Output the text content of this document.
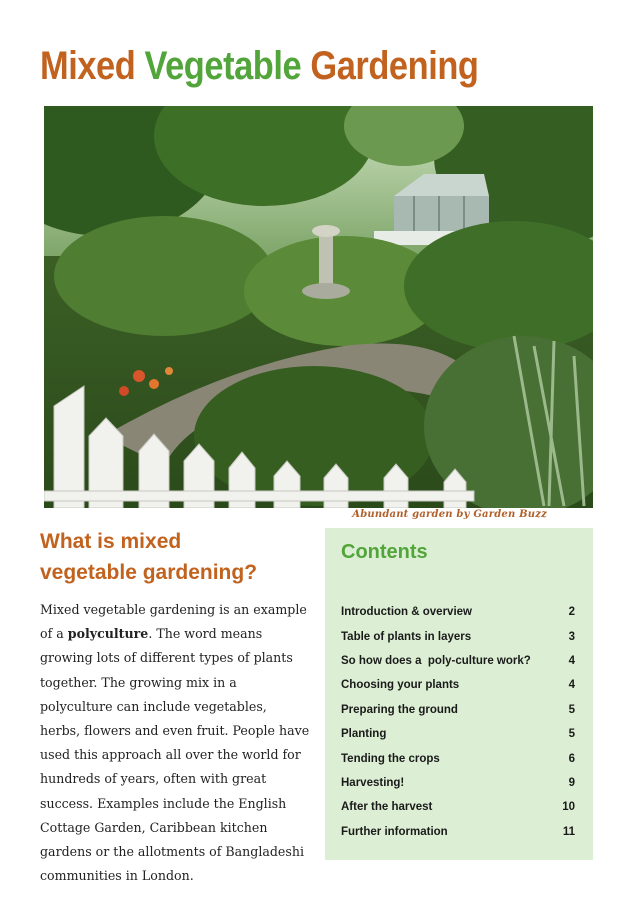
Mixed Vegetable Gardening
Abundant garden by Garden Buzz
What is mixed
vegetable gardening?

Mixed vegetable gardening is an example of a polyculture. The word means growing lots of different types of plants together. The growing mix in a polyculture can include vegetables, herbs, flowers and even fruit. People have used this approach all over the world for hundreds of years, often with great success. Examples include the English Cottage Garden, Caribbean kitchen gardens or the allotments of Bangladeshi communities in London.

Contents
Introduction & overview	2
Table of plants in layers	3
So how does a  poly-culture work?	4
Choosing your plants	4
Preparing the ground	5
Planting	5
Tending the crops	6
Harvesting!	9
After the harvest	10
Further information	11
